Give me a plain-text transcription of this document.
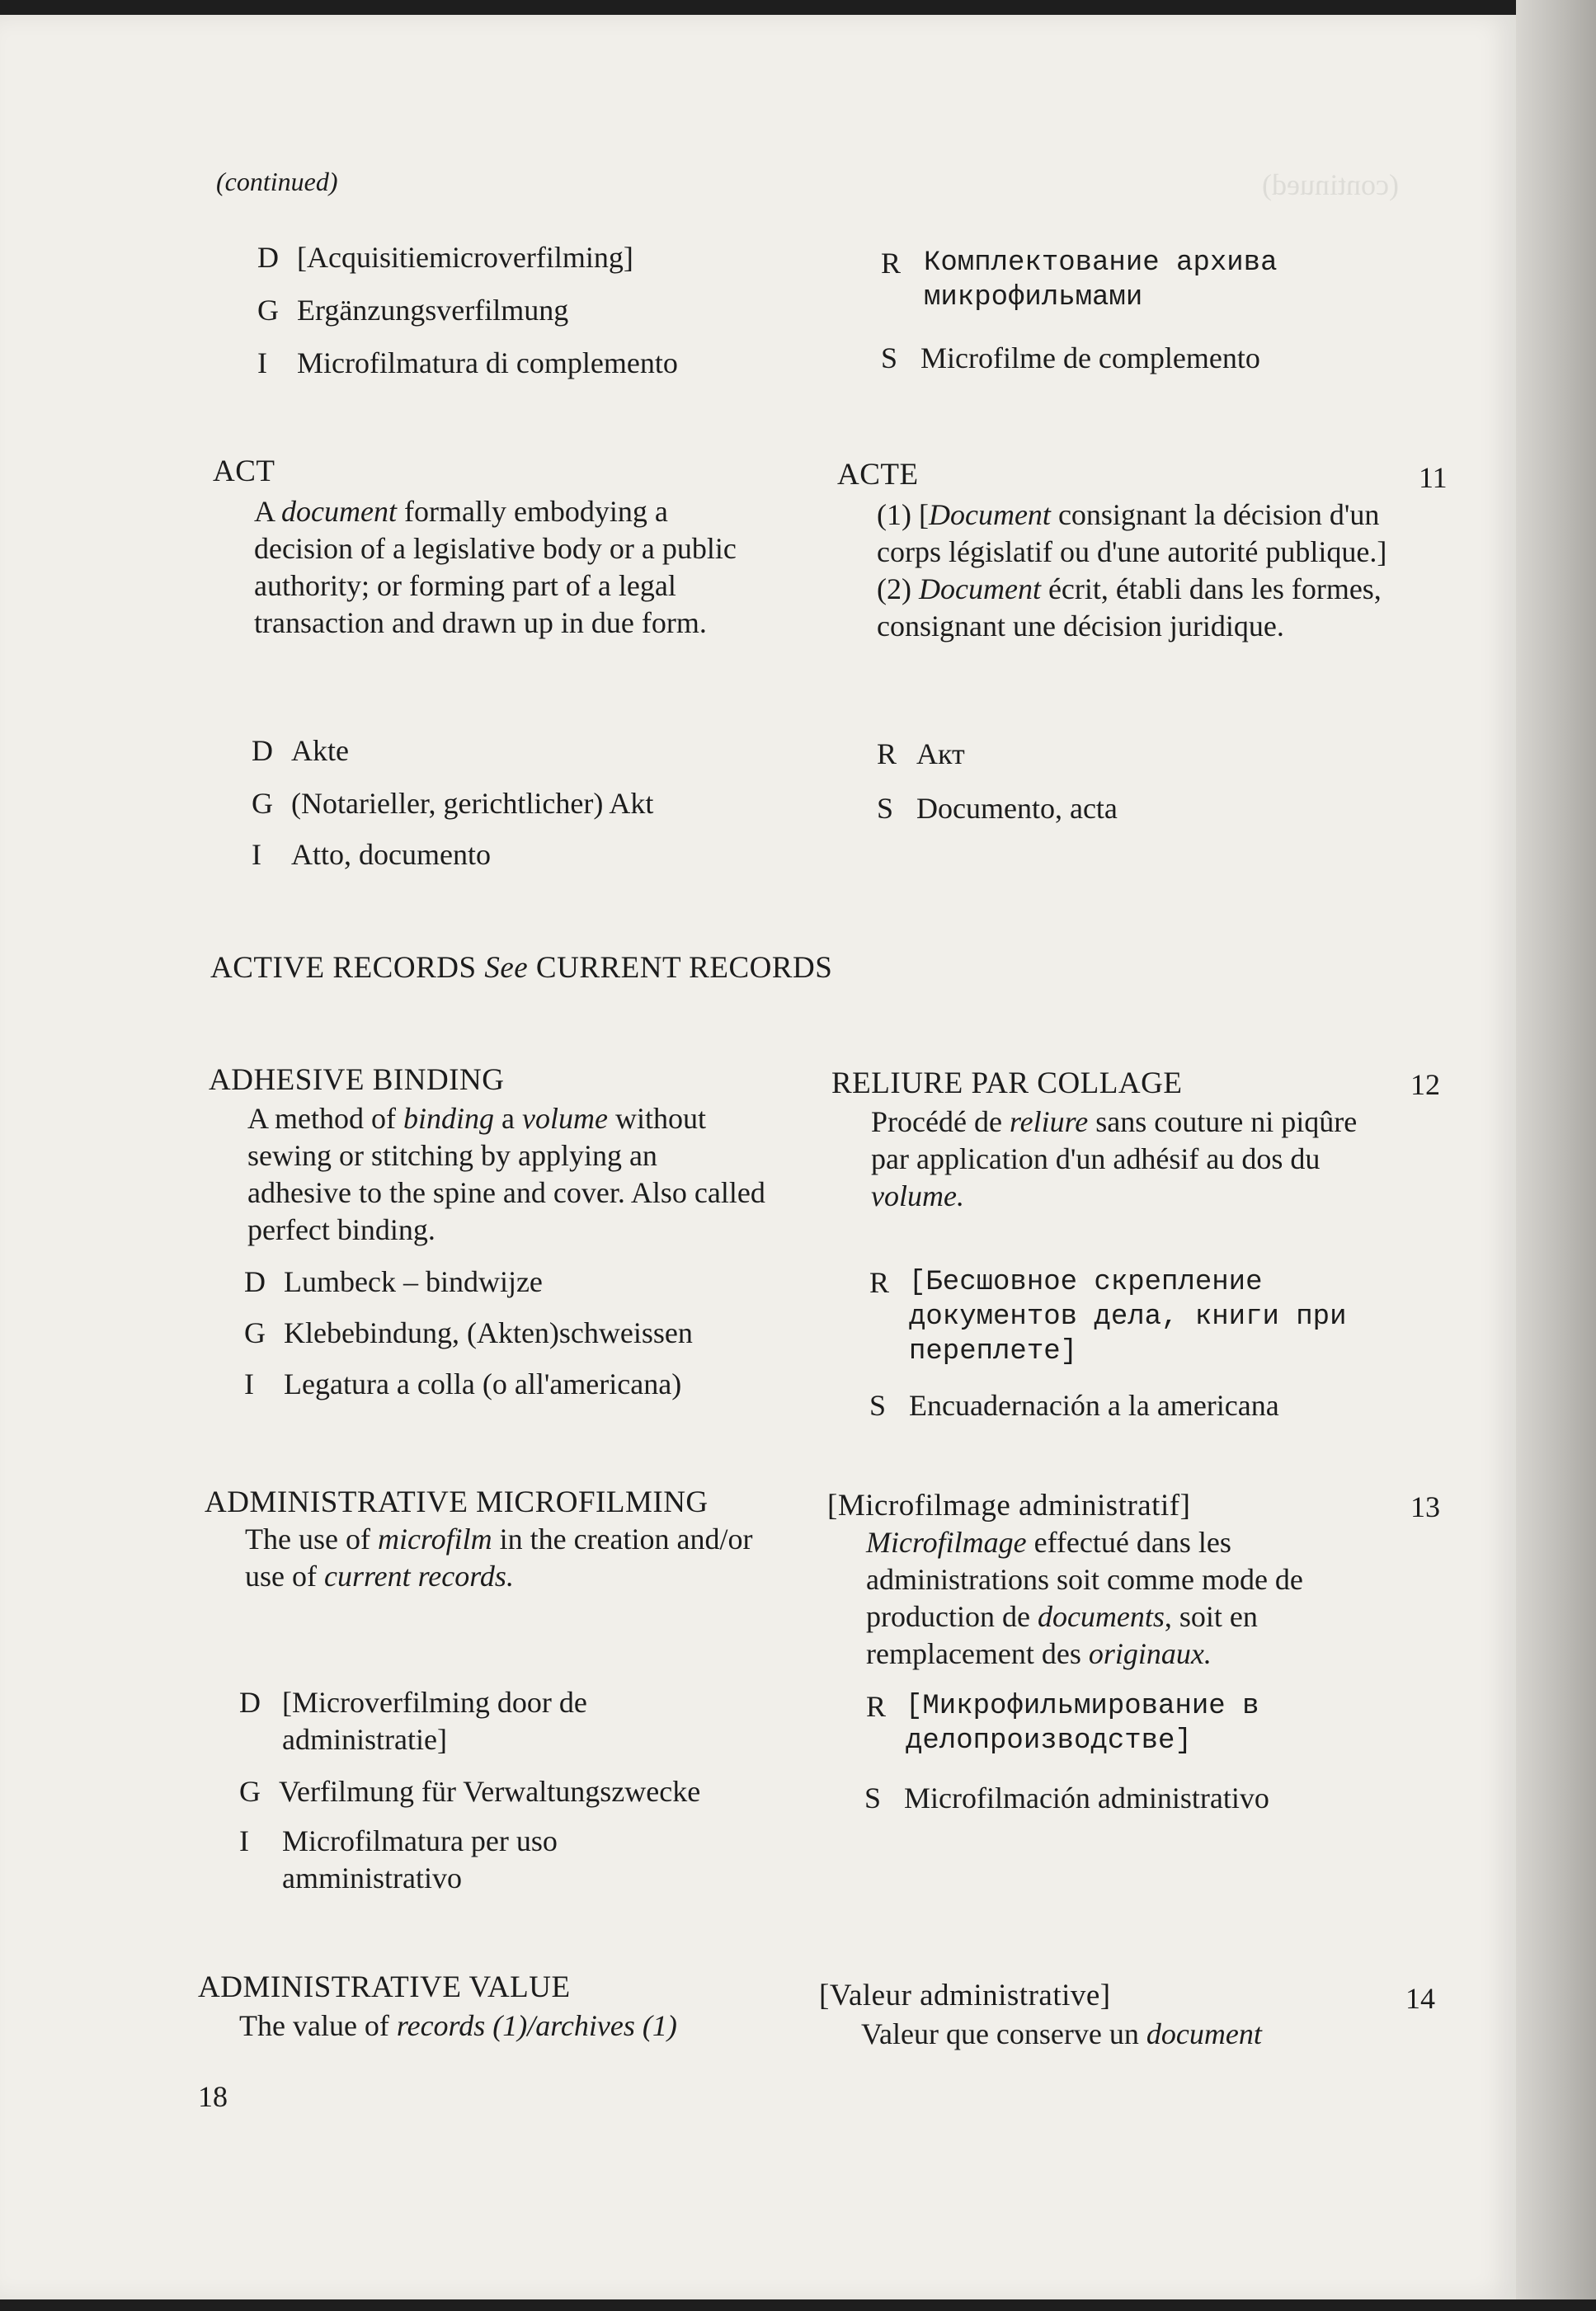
(continued)
(continued)
D [Acquisitiemicroverfilming]
G Ergänzungsverfilmung
I Microfilmatura di complemento
R Комплектование архива микрофильмами
S Microfilme de complemento
ACT
A document formally embodying a decision of a legislative body or a public authority; or forming part of a legal transaction and drawn up in due form.
D Akte
G (Notarieller, gerichtlicher) Akt
I Atto, documento
ACTE
(1) [Document consignant la décision d'un corps législatif ou d'une autorité publique.]
(2) Document écrit, établi dans les formes, consignant une décision juridique.
R Акт
S Documento, acta
11
ACTIVE RECORDS See CURRENT RECORDS
ADHESIVE BINDING
A method of binding a volume without sewing or stitching by applying an adhesive to the spine and cover. Also called perfect binding.
D Lumbeck – bindwijze
G Klebebindung, (Akten)schweissen
I Legatura a colla (o all'americana)
RELIURE PAR COLLAGE
Procédé de reliure sans couture ni piqûre par application d'un adhésif au dos du volume.
R [Бесшовное скрепление документов дела, книги при переплете]
S Encuadernación a la americana
12
ADMINISTRATIVE MICROFILMING
The use of microfilm in the creation and/or use of current records.
D [Microverfilming door de administratie]
G Verfilmung für Verwaltungszwecke
I Microfilmatura per uso amministrativo
[Microfilmage administratif]
Microfilmage effectué dans les administrations soit comme mode de production de documents, soit en remplacement des originaux.
R [Микрофильмирование в делопроизводстве]
S Microfilmación administrativo
13
ADMINISTRATIVE VALUE
The value of records (1)/archives (1)
[Valeur administrative]
Valeur que conserve un document
14
18
